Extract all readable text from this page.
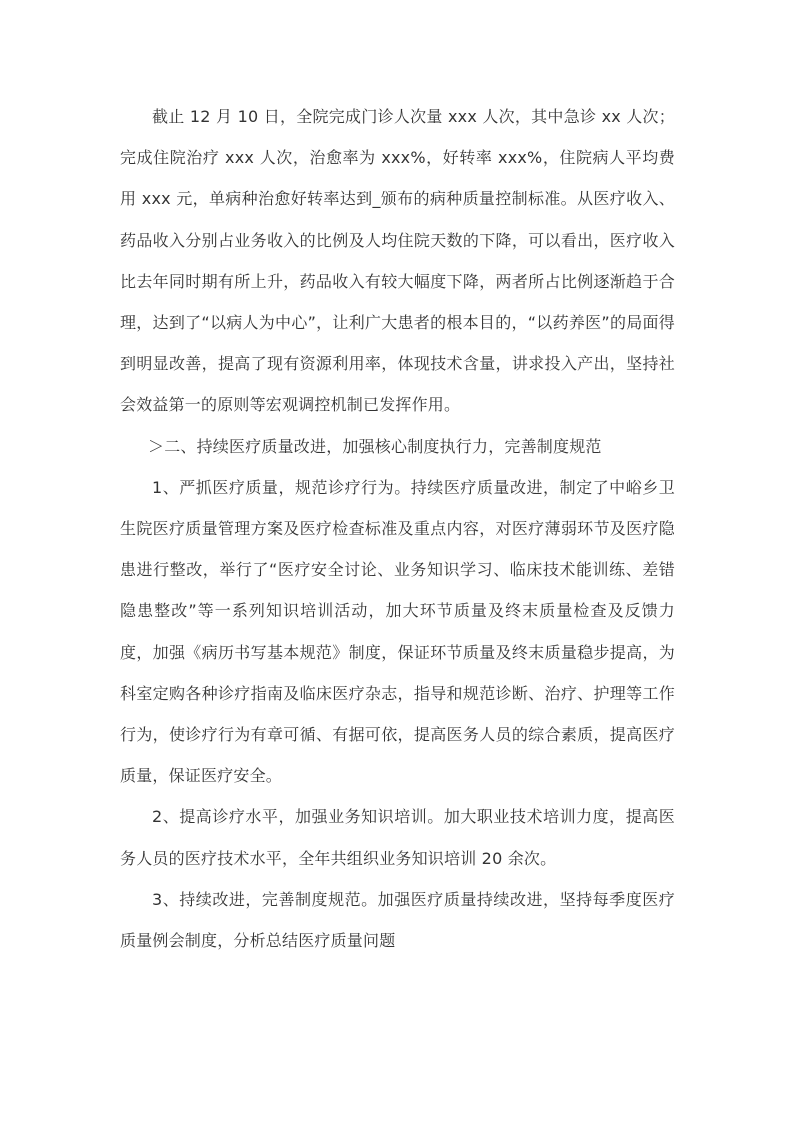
截止 12 月 10 日，全院完成门诊人次量 xxx 人次，其中急诊 xx 人次；完成住院治疗 xxx 人次，治愈率为 xxx%，好转率 xxx%，住院病人平均费用 xxx 元，单病种治愈好转率达到_颁布的病种质量控制标准。从医疗收入、药品收入分别占业务收入的比例及人均住院天数的下降，可以看出，医疗收入比去年同时期有所上升，药品收入有较大幅度下降，两者所占比例逐渐趋于合理，达到了“以病人为中心”，让利广大患者的根本目的，“以药养医”的局面得到明显改善，提高了现有资源利用率，体现技术含量，讲求投入产出，坚持社会效益第一的原则等宏观调控机制已发挥作用。

＞二、持续医疗质量改进，加强核心制度执行力，完善制度规范

1、严抓医疗质量，规范诊疗行为。持续医疗质量改进，制定了中峪乡卫生院医疗质量管理方案及医疗检查标准及重点内容，对医疗薄弱环节及医疗隐患进行整改，举行了“医疗安全讨论、业务知识学习、临床技术能训练、差错隐患整改”等一系列知识培训活动，加大环节质量及终末质量检查及反馈力度，加强《病历书写基本规范》制度，保证环节质量及终末质量稳步提高，为科室定购各种诊疗指南及临床医疗杂志，指导和规范诊断、治疗、护理等工作行为，使诊疗行为有章可循、有据可依，提高医务人员的综合素质，提高医疗质量，保证医疗安全。

2、提高诊疗水平，加强业务知识培训。加大职业技术培训力度，提高医务人员的医疗技术水平，全年共组织业务知识培训 20 余次。

3、持续改进，完善制度规范。加强医疗质量持续改进，坚持每季度医疗质量例会制度，分析总结医疗质量问题
